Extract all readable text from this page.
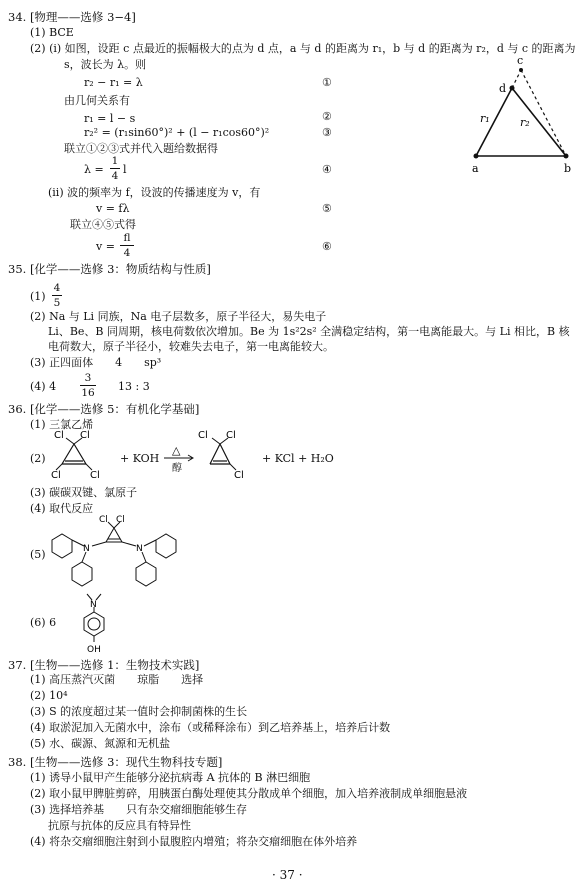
34. [物理——选修 3−4]
(1) BCE
(2) (i) 如图，设距 c 点最近的振幅极大的点为 d 点，a 与 d 的距离为 r₁，b 与 d 的距离为 r₂，d 与 c 的距离为
s，波长为 λ。则
r₂ − r₁ = λ
由几何关系有
r₁ = l − s
r₂² = (r₁sin60°)² + (l − r₁cos60°)²
联立①②③式并代入题给数据得
λ =
1
4 l
(ii) 波的频率为 f，设波的传播速度为 v，有
v = fλ
联立④⑤式得
v =
fl
4
①
②
③
④
⑤
⑥
a	b
c
d
r₁	r₂
35. [化学——选修 3：物质结构与性质]
(1)
4
5
(2) Na 与 Li 同族，Na 电子层数多，原子半径大，易失电子
Li、Be、B 同周期，核电荷数依次增加。Be 为 1s²2s² 全满稳定结构，第一电离能最大。与 Li 相比，B 核
电荷数大，原子半径小，较难失去电子，第一电离能较大。
(3) 正四面体　　4　　sp³
(4) 4
3
16 13 : 3
36. [化学——选修 5：有机化学基础]
(1) 三氯乙烯
(2)
Cl Cl
Cl	Cl
+ KOH
△
醇
Cl Cl
Cl
+ KCl + H₂O
(3) 碳碳双键、氯原子
(4) 取代反应
(5)
Cl Cl
N	N
(6) 6
N
OH
37. [生物——选修 1：生物技术实践]
(1) 高压蒸汽灭菌　　琼脂　　选择
(2) 10⁴
(3) S 的浓度超过某一值时会抑制菌株的生长
(4) 取淤泥加入无菌水中，涂布（或稀释涂布）到乙培养基上，培养后计数
(5) 水、碳源、氮源和无机盐
38. [生物——选修 3：现代生物科技专题]
(1) 诱导小鼠甲产生能够分泌抗病毒 A 抗体的 B 淋巴细胞
(2) 取小鼠甲脾脏剪碎，用胰蛋白酶处理使其分散成单个细胞，加入培养液制成单细胞悬液
(3) 选择培养基　　只有杂交瘤细胞能够生存
抗原与抗体的反应具有特异性
(4) 将杂交瘤细胞注射到小鼠腹腔内增殖；将杂交瘤细胞在体外培养
· 37 ·
